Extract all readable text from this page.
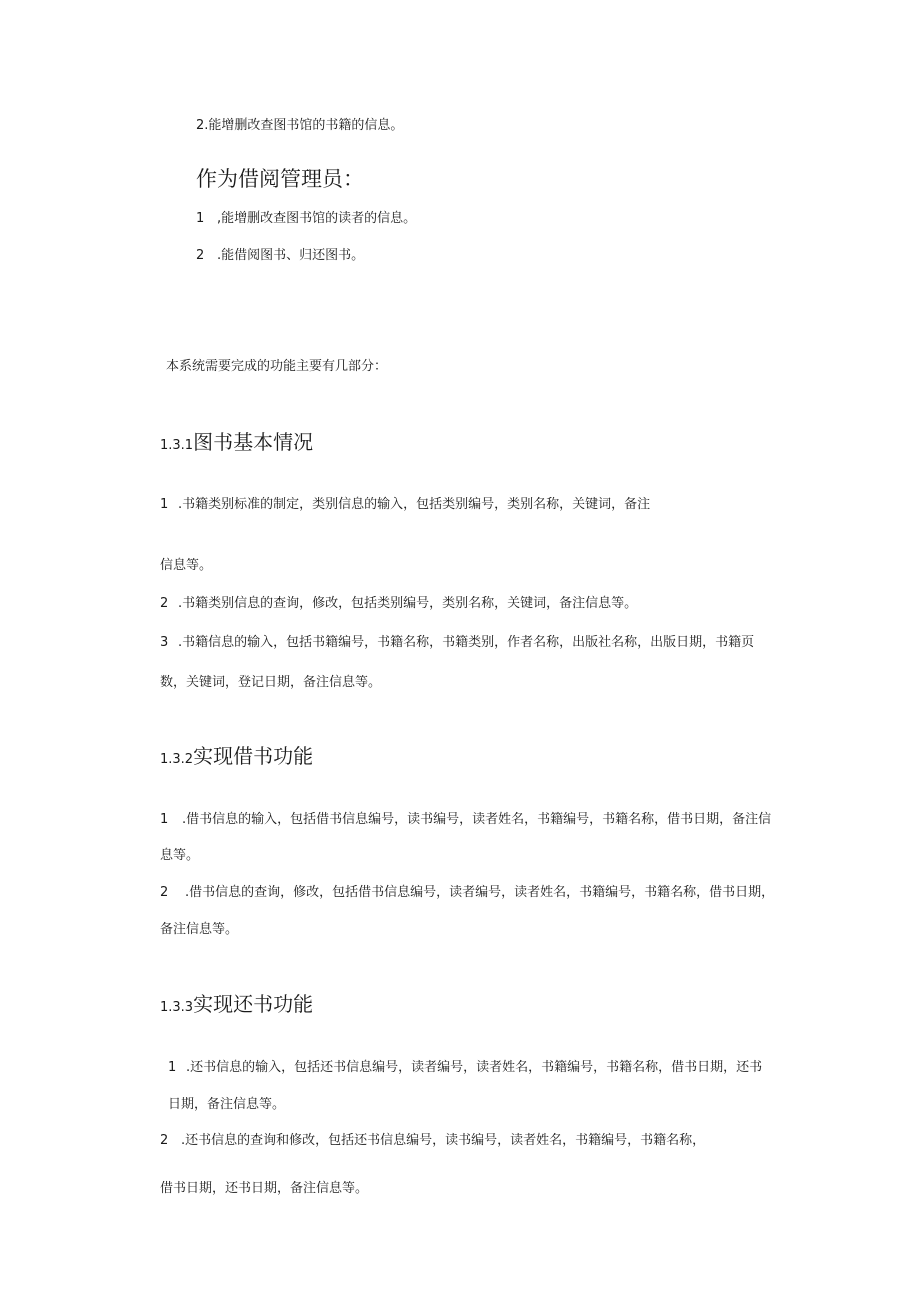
2.能增删改查图书馆的书籍的信息。
作为借阅管理员：
1 ,能增删改查图书馆的读者的信息。
2 .能借阅图书、归还图书。
本系统需要完成的功能主要有几部分：
1.3.1图书基本情况
1 .书籍类别标准的制定，类别信息的输入，包括类别编号，类别名称，关键词，备注
信息等。
2 .书籍类别信息的查询，修改，包括类别编号，类别名称，关键词，备注信息等。
3 .书籍信息的输入，包括书籍编号，书籍名称，书籍类别，作者名称，出版社名称，出版日期，书籍页
数，关键词，登记日期，备注信息等。
1.3.2实现借书功能
1 .借书信息的输入，包括借书信息编号，读书编号，读者姓名，书籍编号，书籍名称，借书日期，备注信
息等。
2 .借书信息的查询，修改，包括借书信息编号，读者编号，读者姓名，书籍编号，书籍名称，借书日期，
备注信息等。
1.3.3实现还书功能
1 .还书信息的输入，包括还书信息编号，读者编号，读者姓名，书籍编号，书籍名称，借书日期，还书
日期，备注信息等。
2 .还书信息的查询和修改，包括还书信息编号，读书编号，读者姓名，书籍编号，书籍名称，
借书日期，还书日期，备注信息等。
